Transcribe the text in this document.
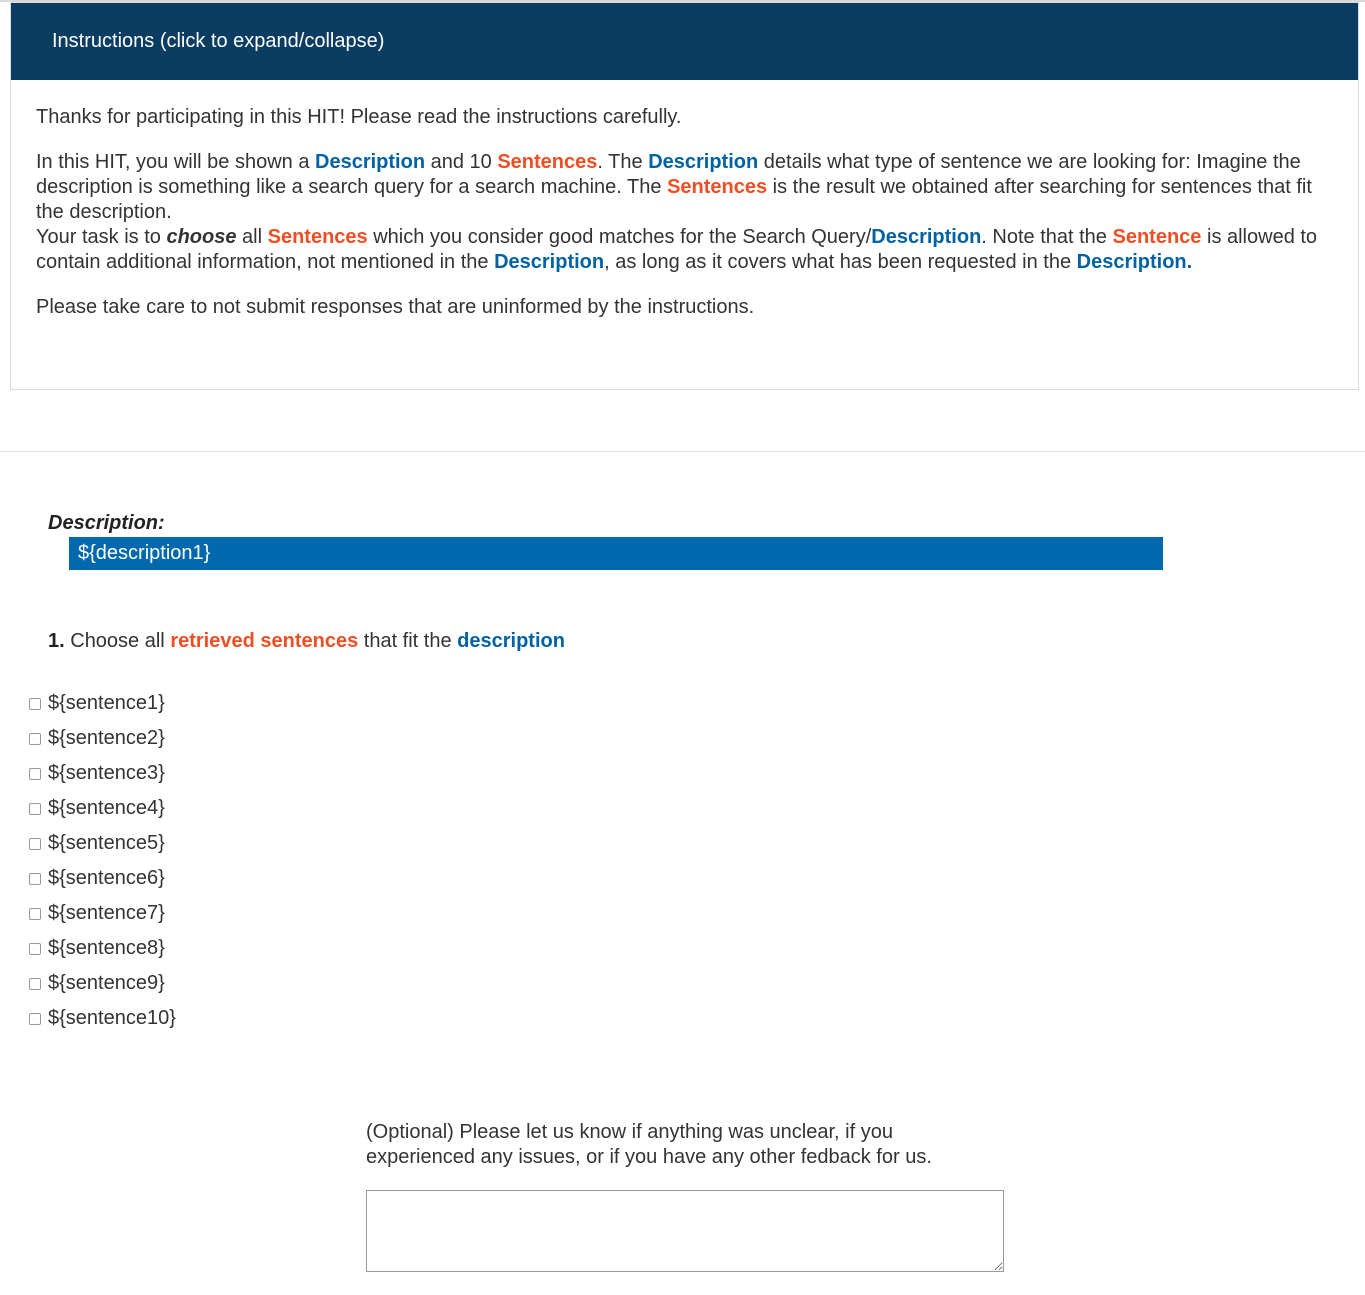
Instructions (click to expand/collapse)

Thanks for participating in this HIT! Please read the instructions carefully.

In this HIT, you will be shown a Description and 10 Sentences. The Description details what type of sentence we are looking for: Imagine the description is something like a search query for a search machine. The Sentences is the result we obtained after searching for sentences that fit the description.

Your task is to choose all Sentences which you consider good matches for the Search Query/Description. Note that the Sentence is allowed to contain additional information, not mentioned in the Description, as long as it covers what has been requested in the Description.

Please take care to not submit responses that are uninformed by the instructions.

Description:
${description1}
1. Choose all retrieved sentences that fit the description
${sentence1}
${sentence2}
${sentence3}
${sentence4}
${sentence5}
${sentence6}
${sentence7}
${sentence8}
${sentence9}
${sentence10}
(Optional) Please let us know if anything was unclear, if you experienced any issues, or if you have any other fedback for us.
